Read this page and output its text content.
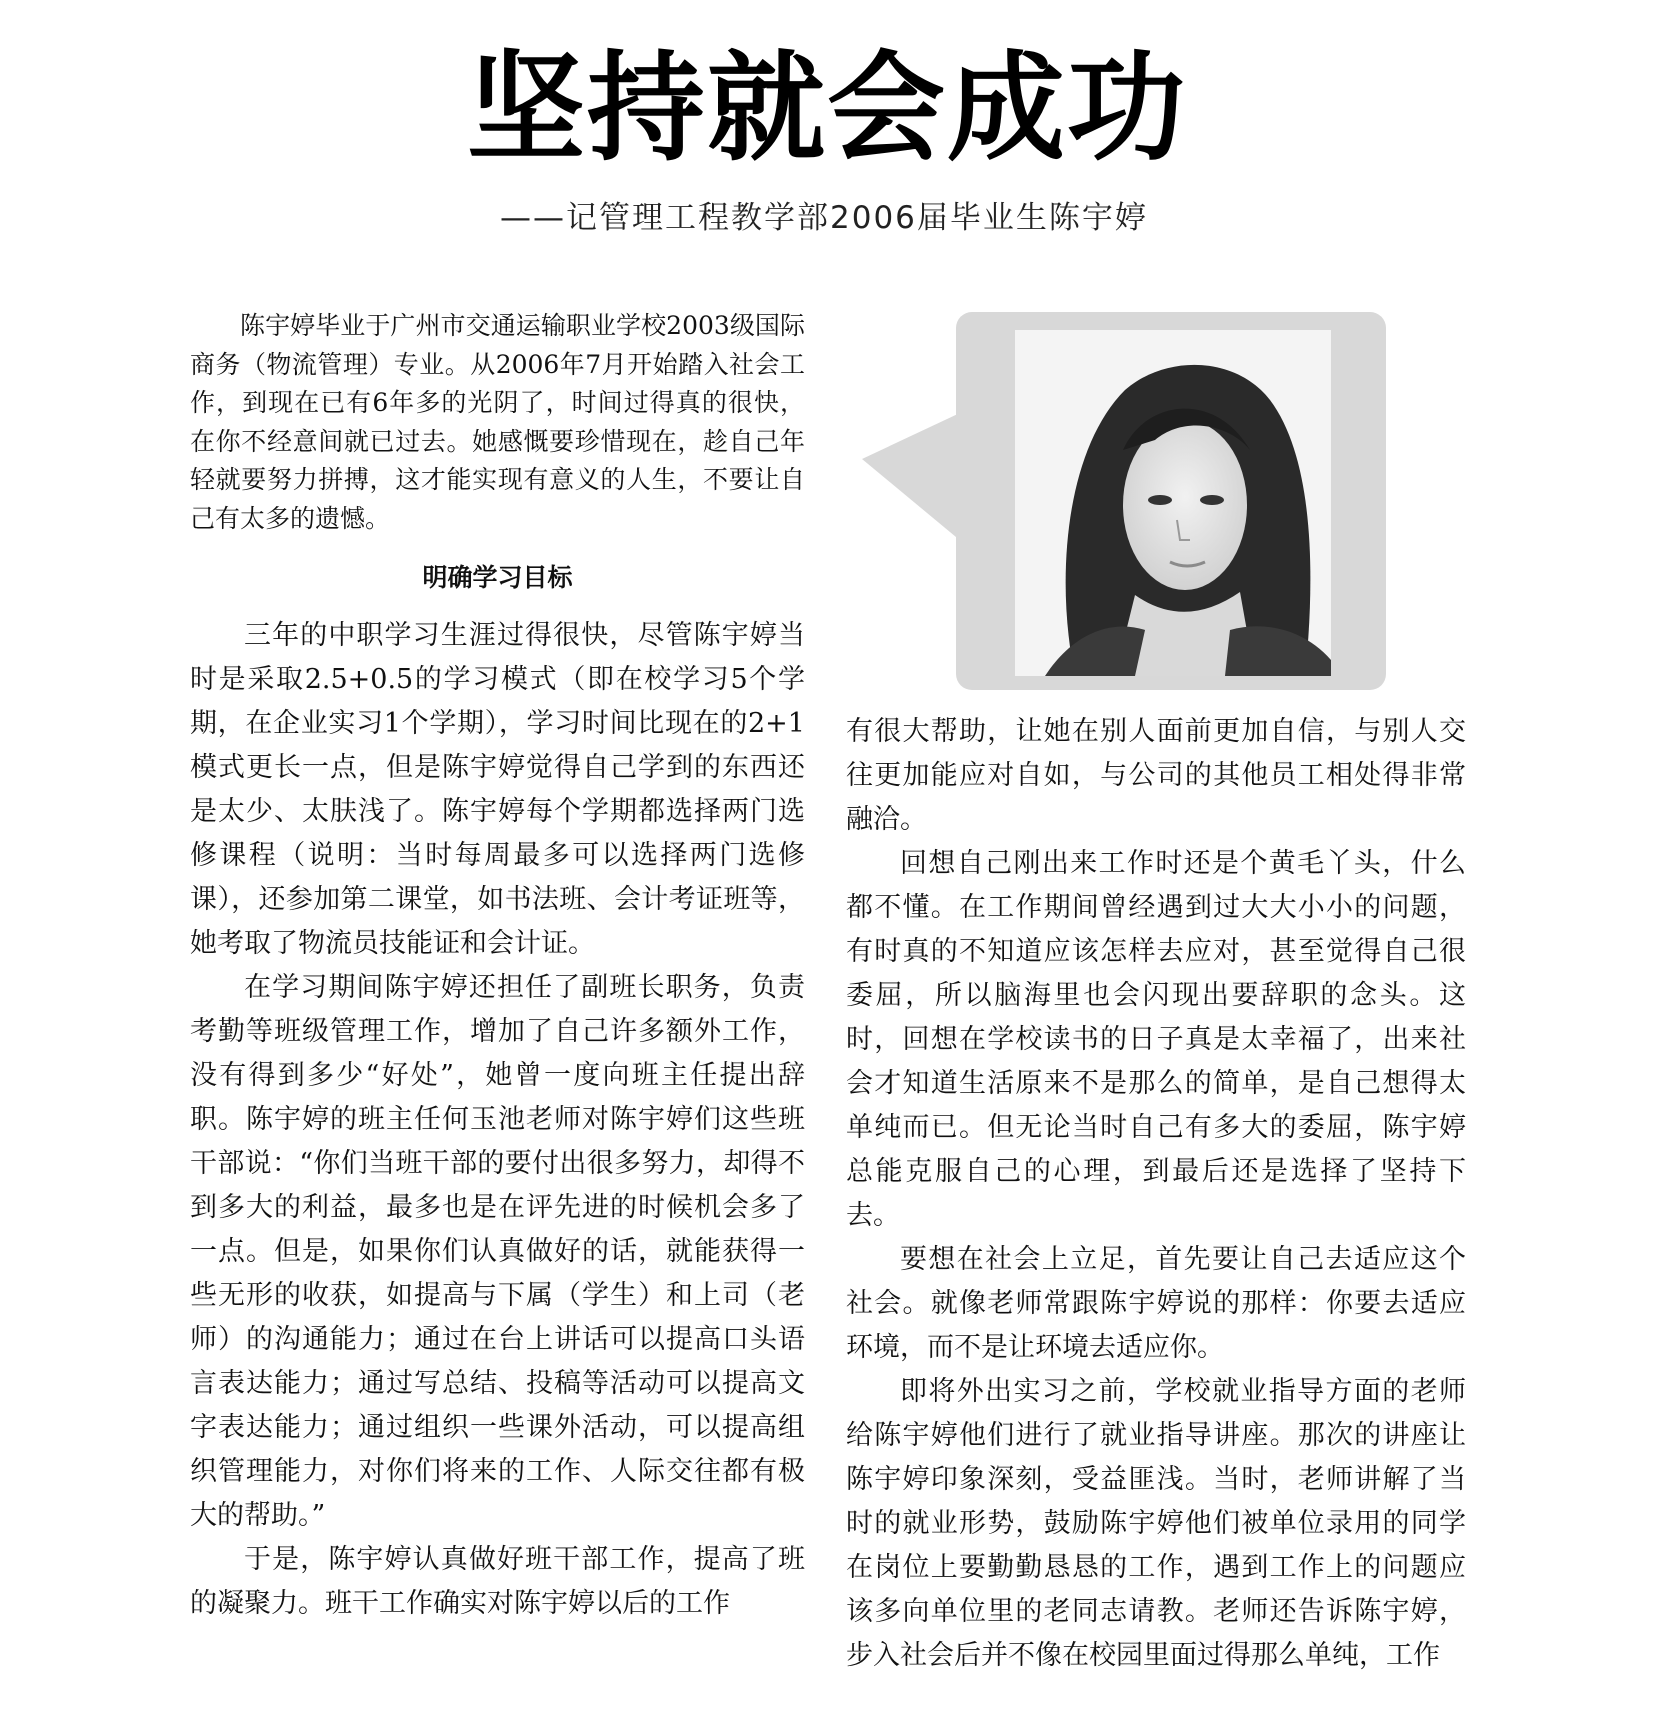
坚持就会成功
——记管理工程教学部2006届毕业生陈宇婷

陈宇婷毕业于广州市交通运输职业学校2003级国际商务（物流管理）专业。从2006年7月开始踏入社会工作，到现在已有6年多的光阴了，时间过得真的很快，在你不经意间就已过去。她感慨要珍惜现在，趁自己年轻就要努力拼搏，这才能实现有意义的人生，不要让自己有太多的遗憾。

明确学习目标

三年的中职学习生涯过得很快，尽管陈宇婷当时是采取2.5+0.5的学习模式（即在校学习5个学期，在企业实习1个学期），学习时间比现在的2+1模式更长一点，但是陈宇婷觉得自己学到的东西还是太少、太肤浅了。陈宇婷每个学期都选择两门选修课程（说明：当时每周最多可以选择两门选修课），还参加第二课堂，如书法班、会计考证班等，她考取了物流员技能证和会计证。

在学习期间陈宇婷还担任了副班长职务，负责考勤等班级管理工作，增加了自己许多额外工作，没有得到多少“好处”，她曾一度向班主任提出辞职。陈宇婷的班主任何玉池老师对陈宇婷们这些班干部说：“你们当班干部的要付出很多努力，却得不到多大的利益，最多也是在评先进的时候机会多了一点。但是，如果你们认真做好的话，就能获得一些无形的收获，如提高与下属（学生）和上司（老师）的沟通能力；通过在台上讲话可以提高口头语言表达能力；通过写总结、投稿等活动可以提高文字表达能力；通过组织一些课外活动，可以提高组织管理能力，对你们将来的工作、人际交往都有极大的帮助。”

于是，陈宇婷认真做好班干部工作，提高了班的凝聚力。班干工作确实对陈宇婷以后的工作

有很大帮助，让她在别人面前更加自信，与别人交往更加能应对自如，与公司的其他员工相处得非常融洽。

回想自己刚出来工作时还是个黄毛丫头，什么都不懂。在工作期间曾经遇到过大大小小的问题，有时真的不知道应该怎样去应对，甚至觉得自己很委屈，所以脑海里也会闪现出要辞职的念头。这时，回想在学校读书的日子真是太幸福了，出来社会才知道生活原来不是那么的简单，是自己想得太单纯而已。但无论当时自己有多大的委屈，陈宇婷总能克服自己的心理，到最后还是选择了坚持下去。

要想在社会上立足，首先要让自己去适应这个社会。就像老师常跟陈宇婷说的那样：你要去适应环境，而不是让环境去适应你。

即将外出实习之前，学校就业指导方面的老师给陈宇婷他们进行了就业指导讲座。那次的讲座让陈宇婷印象深刻，受益匪浅。当时，老师讲解了当时的就业形势，鼓励陈宇婷他们被单位录用的同学在岗位上要勤勤恳恳的工作，遇到工作上的问题应该多向单位里的老同志请教。老师还告诉陈宇婷，步入社会后并不像在校园里面过得那么单纯，工作
